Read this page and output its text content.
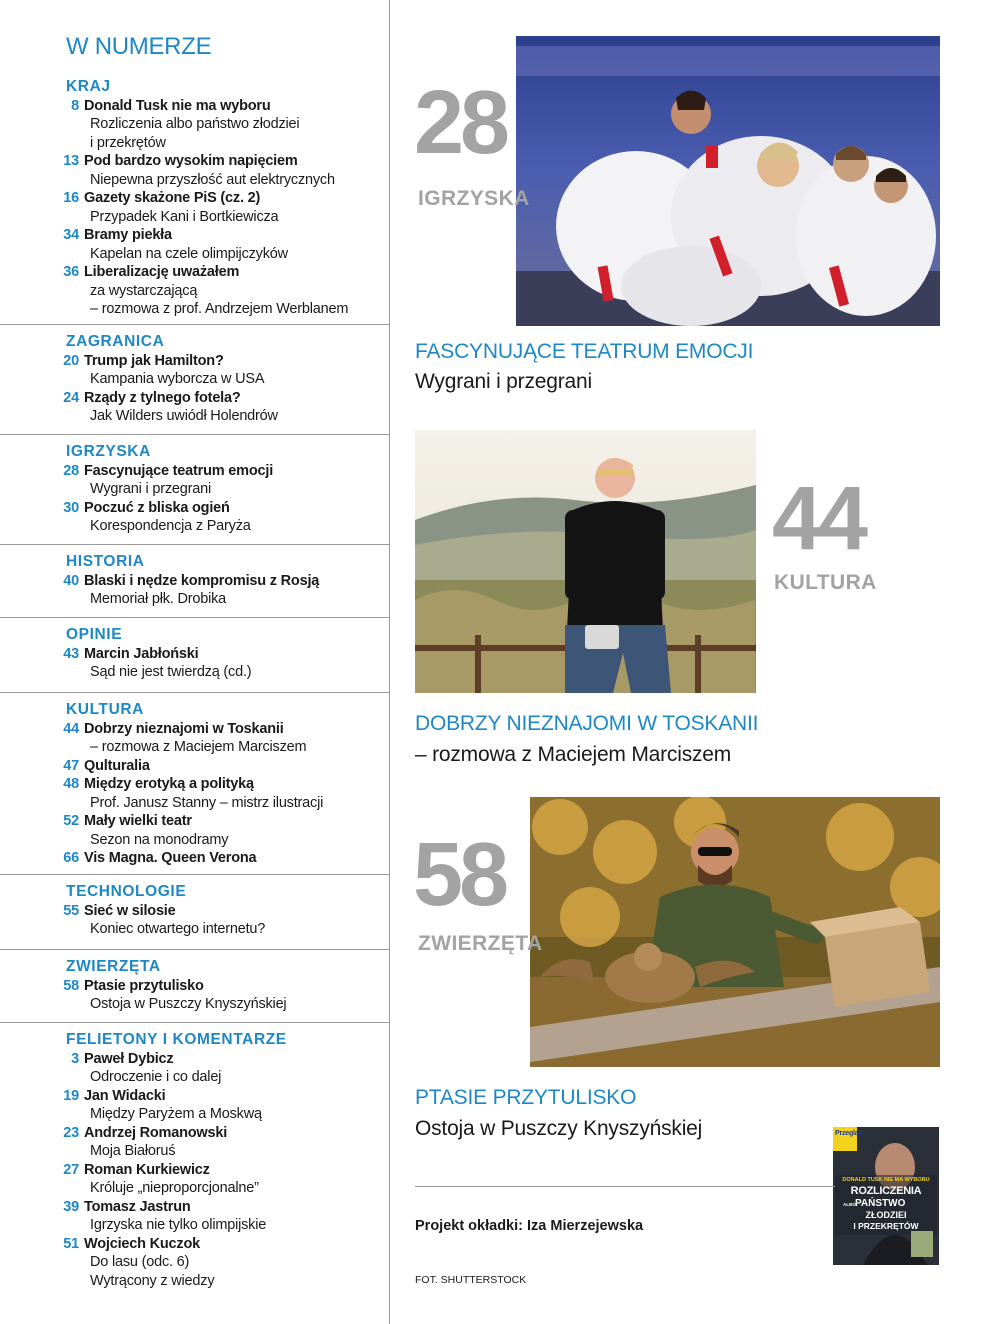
W NUMERZE
KRAJ
8 Donald Tusk nie ma wyboru
Rozliczenia albo państwo złodziei
i przekrętów
13 Pod bardzo wysokim napięciem
Niepewna przyszłość aut elektrycznych
16 Gazety skażone PiS (cz. 2)
Przypadek Kani i Bortkiewicza
34 Bramy piekła
Kapelan na czele olimpijczyków
36 Liberalizację uważałem
za wystarczającą
– rozmowa z prof. Andrzejem Werblanem
ZAGRANICA
20 Trump jak Hamilton?
Kampania wyborcza w USA
24 Rządy z tylnego fotela?
Jak Wilders uwiódł Holendrów
IGRZYSKA
28 Fascynujące teatrum emocji
Wygrani i przegrani
30 Poczuć z bliska ogień
Korespondencja z Paryża
HISTORIA
40 Blaski i nędze kompromisu z Rosją
Memoriał płk. Drobika
OPINIE
43 Marcin Jabłoński
Sąd nie jest twierdzą (cd.)
KULTURA
44 Dobrzy nieznajomi w Toskanii
– rozmowa z Maciejem Marciszem
47 Qulturalia
48 Między erotyką a polityką
Prof. Janusz Stanny – mistrz ilustracji
52 Mały wielki teatr
Sezon na monodramy
66 Vis Magna. Queen Verona
TECHNOLOGIE
55 Sieć w silosie
Koniec otwartego internetu?
ZWIERZĘTA
58 Ptasie przytulisko
Ostoja w Puszczy Knyszyńskiej
FELIETONY I KOMENTARZE
3 Paweł Dybicz
Odroczenie i co dalej
19 Jan Widacki
Między Paryżem a Moskwą
23 Andrzej Romanowski
Moja Białoruś
27 Roman Kurkiewicz
Króluje „nieproporcjonalne”
39 Tomasz Jastrun
Igrzyska nie tylko olimpijskie
51 Wojciech Kuczok
Do lasu (odc. 6)
Wytrącony z wiedzy
28
IGRZYSKA
FASCYNUJĄCE TEATRUM EMOCJI
Wygrani i przegrani
44
KULTURA
DOBRZY NIEZNAJOMI W TOSKANII
– rozmowa z Maciejem Marciszem
58
ZWIERZĘTA
PTASIE PRZYTULISKO
Ostoja w Puszczy Knyszyńskiej	Przegląd
DONALD TUSK NIE MA WYBORU
ROZLICZENIA
ALBO PAŃSTWO
ZŁODZIEI
I PRZEKRĘTÓW
Projekt okładki: Iza Mierzejewska
FOT. SHUTTERSTOCK
